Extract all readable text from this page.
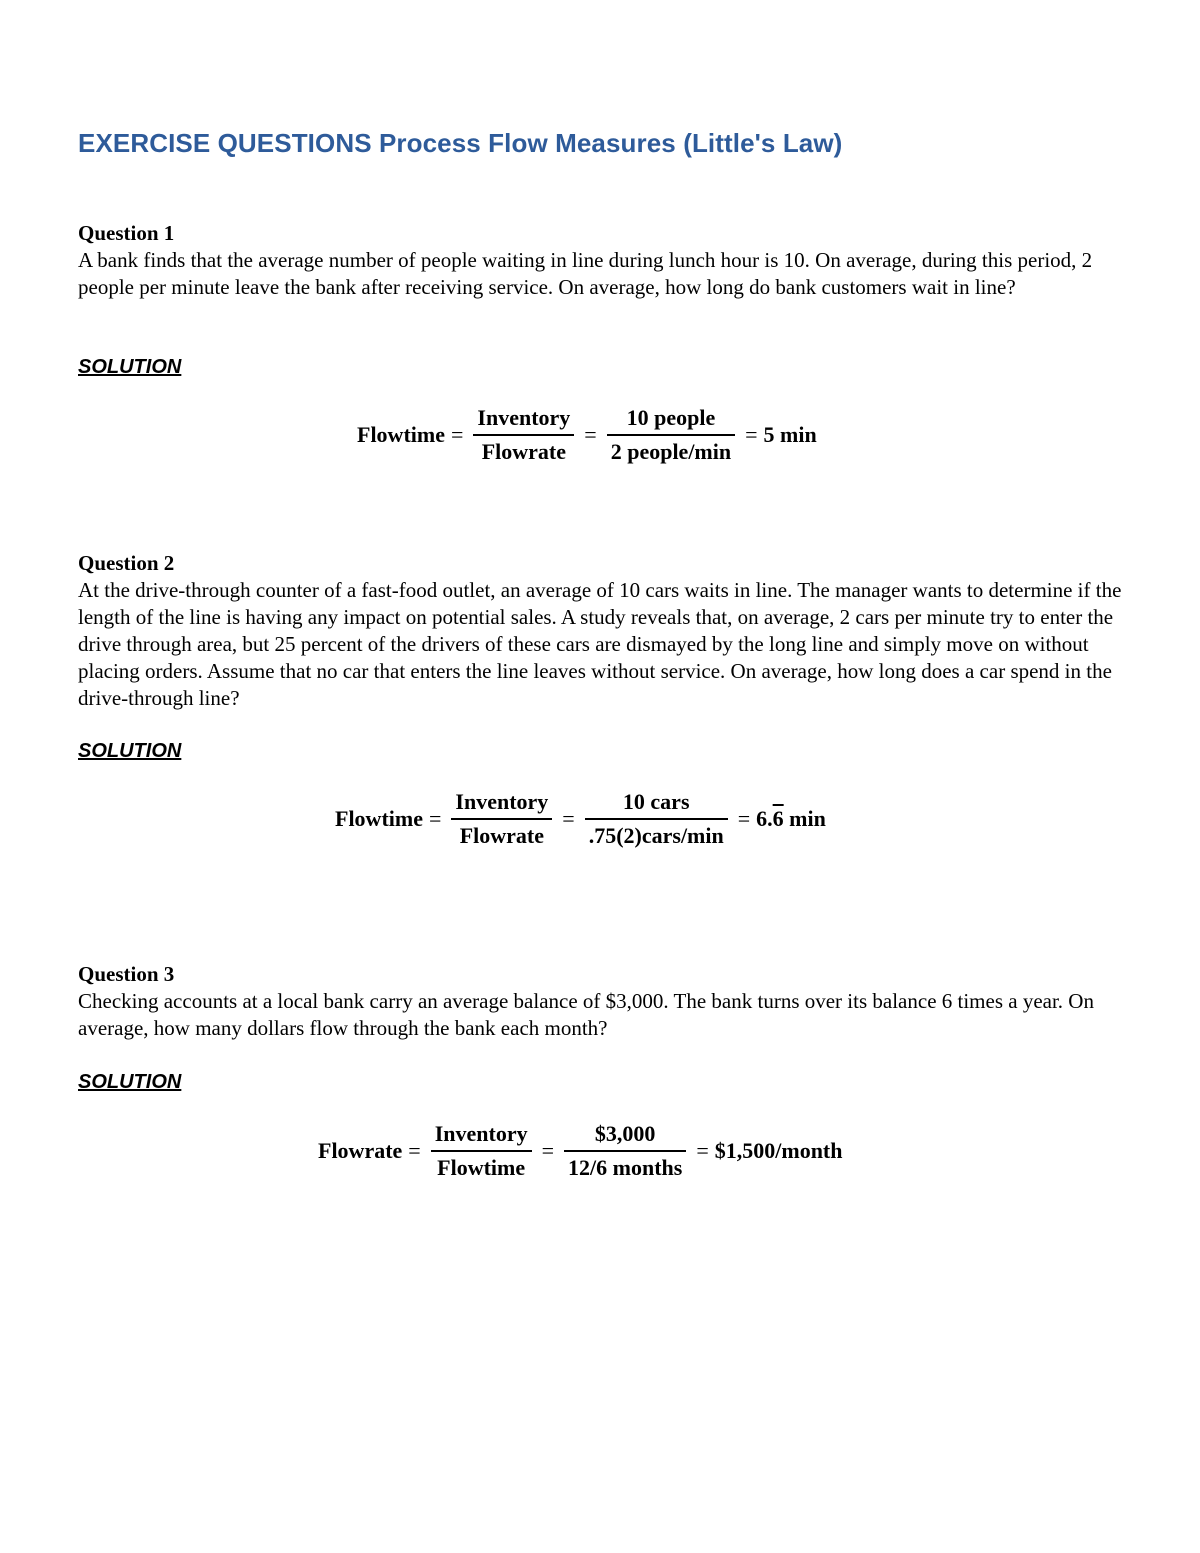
EXERCISE QUESTIONS Process Flow Measures (Little's Law)

Question 1

A bank finds that the average number of people waiting in line during lunch hour is 10. On average, during this period, 2 people per minute leave the bank after receiving service. On average, how long do bank customers wait in line?

SOLUTION
Flowtime = $\frac{\text{Inventory}}{\text{Flowrate}} = \frac{\text{10 people}}{\text{2 people/min}} = 5$ min

Question 2

At the drive-through counter of a fast-food outlet, an average of 10 cars waits in line. The manager wants to determine if the length of the line is having any impact on potential sales. A study reveals that, on average, 2 cars per minute try to enter the drive through area, but 25 percent of the drivers of these cars are dismayed by the long line and simply move on without placing orders. Assume that no car that enters the line leaves without service. On average, how long does a car spend in the drive-through line?

SOLUTION
Flowtime = $\frac{\text{Inventory}}{\text{Flowrate}} = \frac{\text{10 cars}}{\text{.75(2)cars/min}} = 6.6$ min

Question 3

Checking accounts at a local bank carry an average balance of $3,000. The bank turns over its balance 6 times a year. On average, how many dollars flow through the bank each month?

SOLUTION
Flowrate = $\frac{\text{Inventory}}{\text{Flowtime}} = \frac{\$3,000}{\text{12/6 months}}$ = $1,500/month
